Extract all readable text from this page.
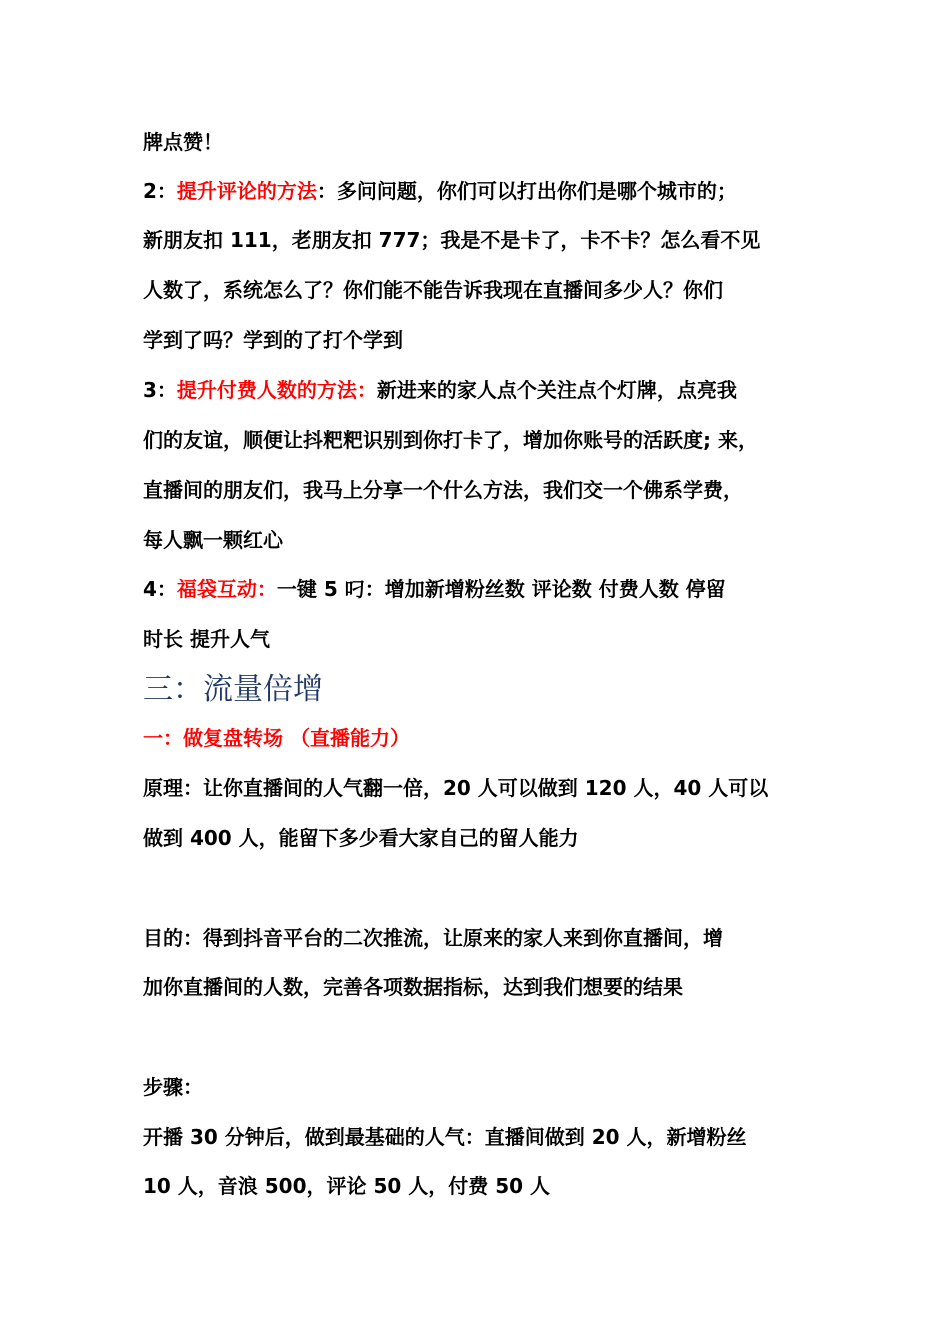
牌点赞！
2：提升评论的方法：多问问题，你们可以打出你们是哪个城市的；
新朋友扣 111，老朋友扣 777；我是不是卡了，卡不卡？怎么看不见
人数了，系统怎么了？你们能不能告诉我现在直播间多少人？你们
学到了吗？学到的了打个学到
3：提升付费人数的方法：新进来的家人点个关注点个灯牌，点亮我
们的友谊，顺便让抖粑粑识别到你打卡了，增加你账号的活跃度; 来，
直播间的朋友们，我马上分享一个什么方法，我们交一个佛系学费，
每人飘一颗红心
4：福袋互动：一键 5 叼：增加新增粉丝数 评论数 付费人数 停留
时长 提升人气
三：流量倍增
一：做复盘转场 （直播能力）
原理：让你直播间的人气翻一倍，20 人可以做到 120 人，40 人可以
做到 400 人，能留下多少看大家自己的留人能力
目的：得到抖音平台的二次推流，让原来的家人来到你直播间，增
加你直播间的人数，完善各项数据指标，达到我们想要的结果
步骤：
开播 30 分钟后，做到最基础的人气：直播间做到 20 人，新增粉丝
10 人，音浪 500，评论 50 人，付费 50 人
